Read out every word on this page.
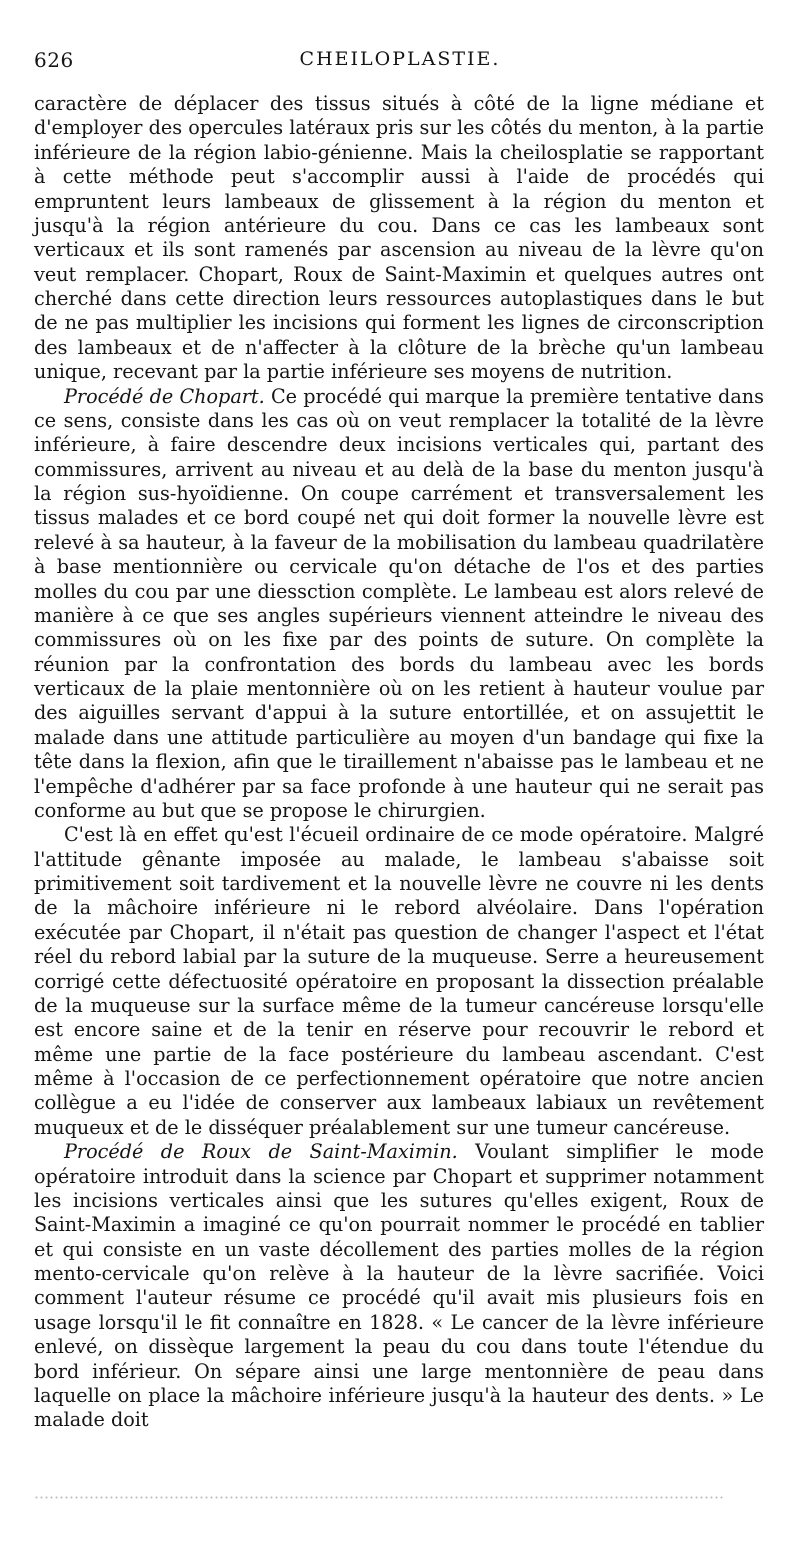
626	CHEILOPLASTIE.

caractère de déplacer des tissus situés à côté de la ligne médiane et d'employer des opercules latéraux pris sur les côtés du menton, à la partie inférieure de la région labio-génienne. Mais la cheilosplatie se rapportant à cette méthode peut s'accomplir aussi à l'aide de procédés qui empruntent leurs lambeaux de glissement à la région du menton et jusqu'à la région antérieure du cou. Dans ce cas les lambeaux sont verticaux et ils sont ramenés par ascension au niveau de la lèvre qu'on veut remplacer. Chopart, Roux de Saint-Maximin et quelques autres ont cherché dans cette direction leurs ressources autoplastiques dans le but de ne pas multiplier les incisions qui forment les lignes de circonscription des lambeaux et de n'affecter à la clôture de la brèche qu'un lambeau unique, recevant par la partie inférieure ses moyens de nutrition.

Procédé de Chopart. Ce procédé qui marque la première tentative dans ce sens, consiste dans les cas où on veut remplacer la totalité de la lèvre inférieure, à faire descendre deux incisions verticales qui, partant des commissures, arrivent au niveau et au delà de la base du menton jusqu'à la région sus-hyoïdienne. On coupe carrément et transversalement les tissus malades et ce bord coupé net qui doit former la nouvelle lèvre est relevé à sa hauteur, à la faveur de la mobilisation du lambeau quadrilatère à base mentionnière ou cervicale qu'on détache de l'os et des parties molles du cou par une diessction complète. Le lambeau est alors relevé de manière à ce que ses angles supérieurs viennent atteindre le niveau des commissures où on les fixe par des points de suture. On complète la réunion par la confrontation des bords du lambeau avec les bords verticaux de la plaie mentonnière où on les retient à hauteur voulue par des aiguilles servant d'appui à la suture entortillée, et on assujettit le malade dans une attitude particulière au moyen d'un bandage qui fixe la tête dans la flexion, afin que le tiraillement n'abaisse pas le lambeau et ne l'empêche d'adhérer par sa face profonde à une hauteur qui ne serait pas conforme au but que se propose le chirurgien.

C'est là en effet qu'est l'écueil ordinaire de ce mode opératoire. Malgré l'attitude gênante imposée au malade, le lambeau s'abaisse soit primitivement soit tardivement et la nouvelle lèvre ne couvre ni les dents de la mâchoire inférieure ni le rebord alvéolaire. Dans l'opération exécutée par Chopart, il n'était pas question de changer l'aspect et l'état réel du rebord labial par la suture de la muqueuse. Serre a heureusement corrigé cette défectuosité opératoire en proposant la dissection préalable de la muqueuse sur la surface même de la tumeur cancéreuse lorsqu'elle est encore saine et de la tenir en réserve pour recouvrir le rebord et même une partie de la face postérieure du lambeau ascendant. C'est même à l'occasion de ce perfectionnement opératoire que notre ancien collègue a eu l'idée de conserver aux lambeaux labiaux un revêtement muqueux et de le disséquer préalablement sur une tumeur cancéreuse.

Procédé de Roux de Saint-Maximin. Voulant simplifier le mode opératoire introduit dans la science par Chopart et supprimer notamment les incisions verticales ainsi que les sutures qu'elles exigent, Roux de Saint-Maximin a imaginé ce qu'on pourrait nommer le procédé en tablier et qui consiste en un vaste décollement des parties molles de la région mento-cervicale qu'on relève à la hauteur de la lèvre sacrifiée. Voici comment l'auteur résume ce procédé qu'il avait mis plusieurs fois en usage lorsqu'il le fit connaître en 1828. « Le cancer de la lèvre inférieure enlevé, on dissèque largement la peau du cou dans toute l'étendue du bord inférieur. On sépare ainsi une large mentonnière de peau dans laquelle on place la mâchoire inférieure jusqu'à la hauteur des dents. » Le malade doit
